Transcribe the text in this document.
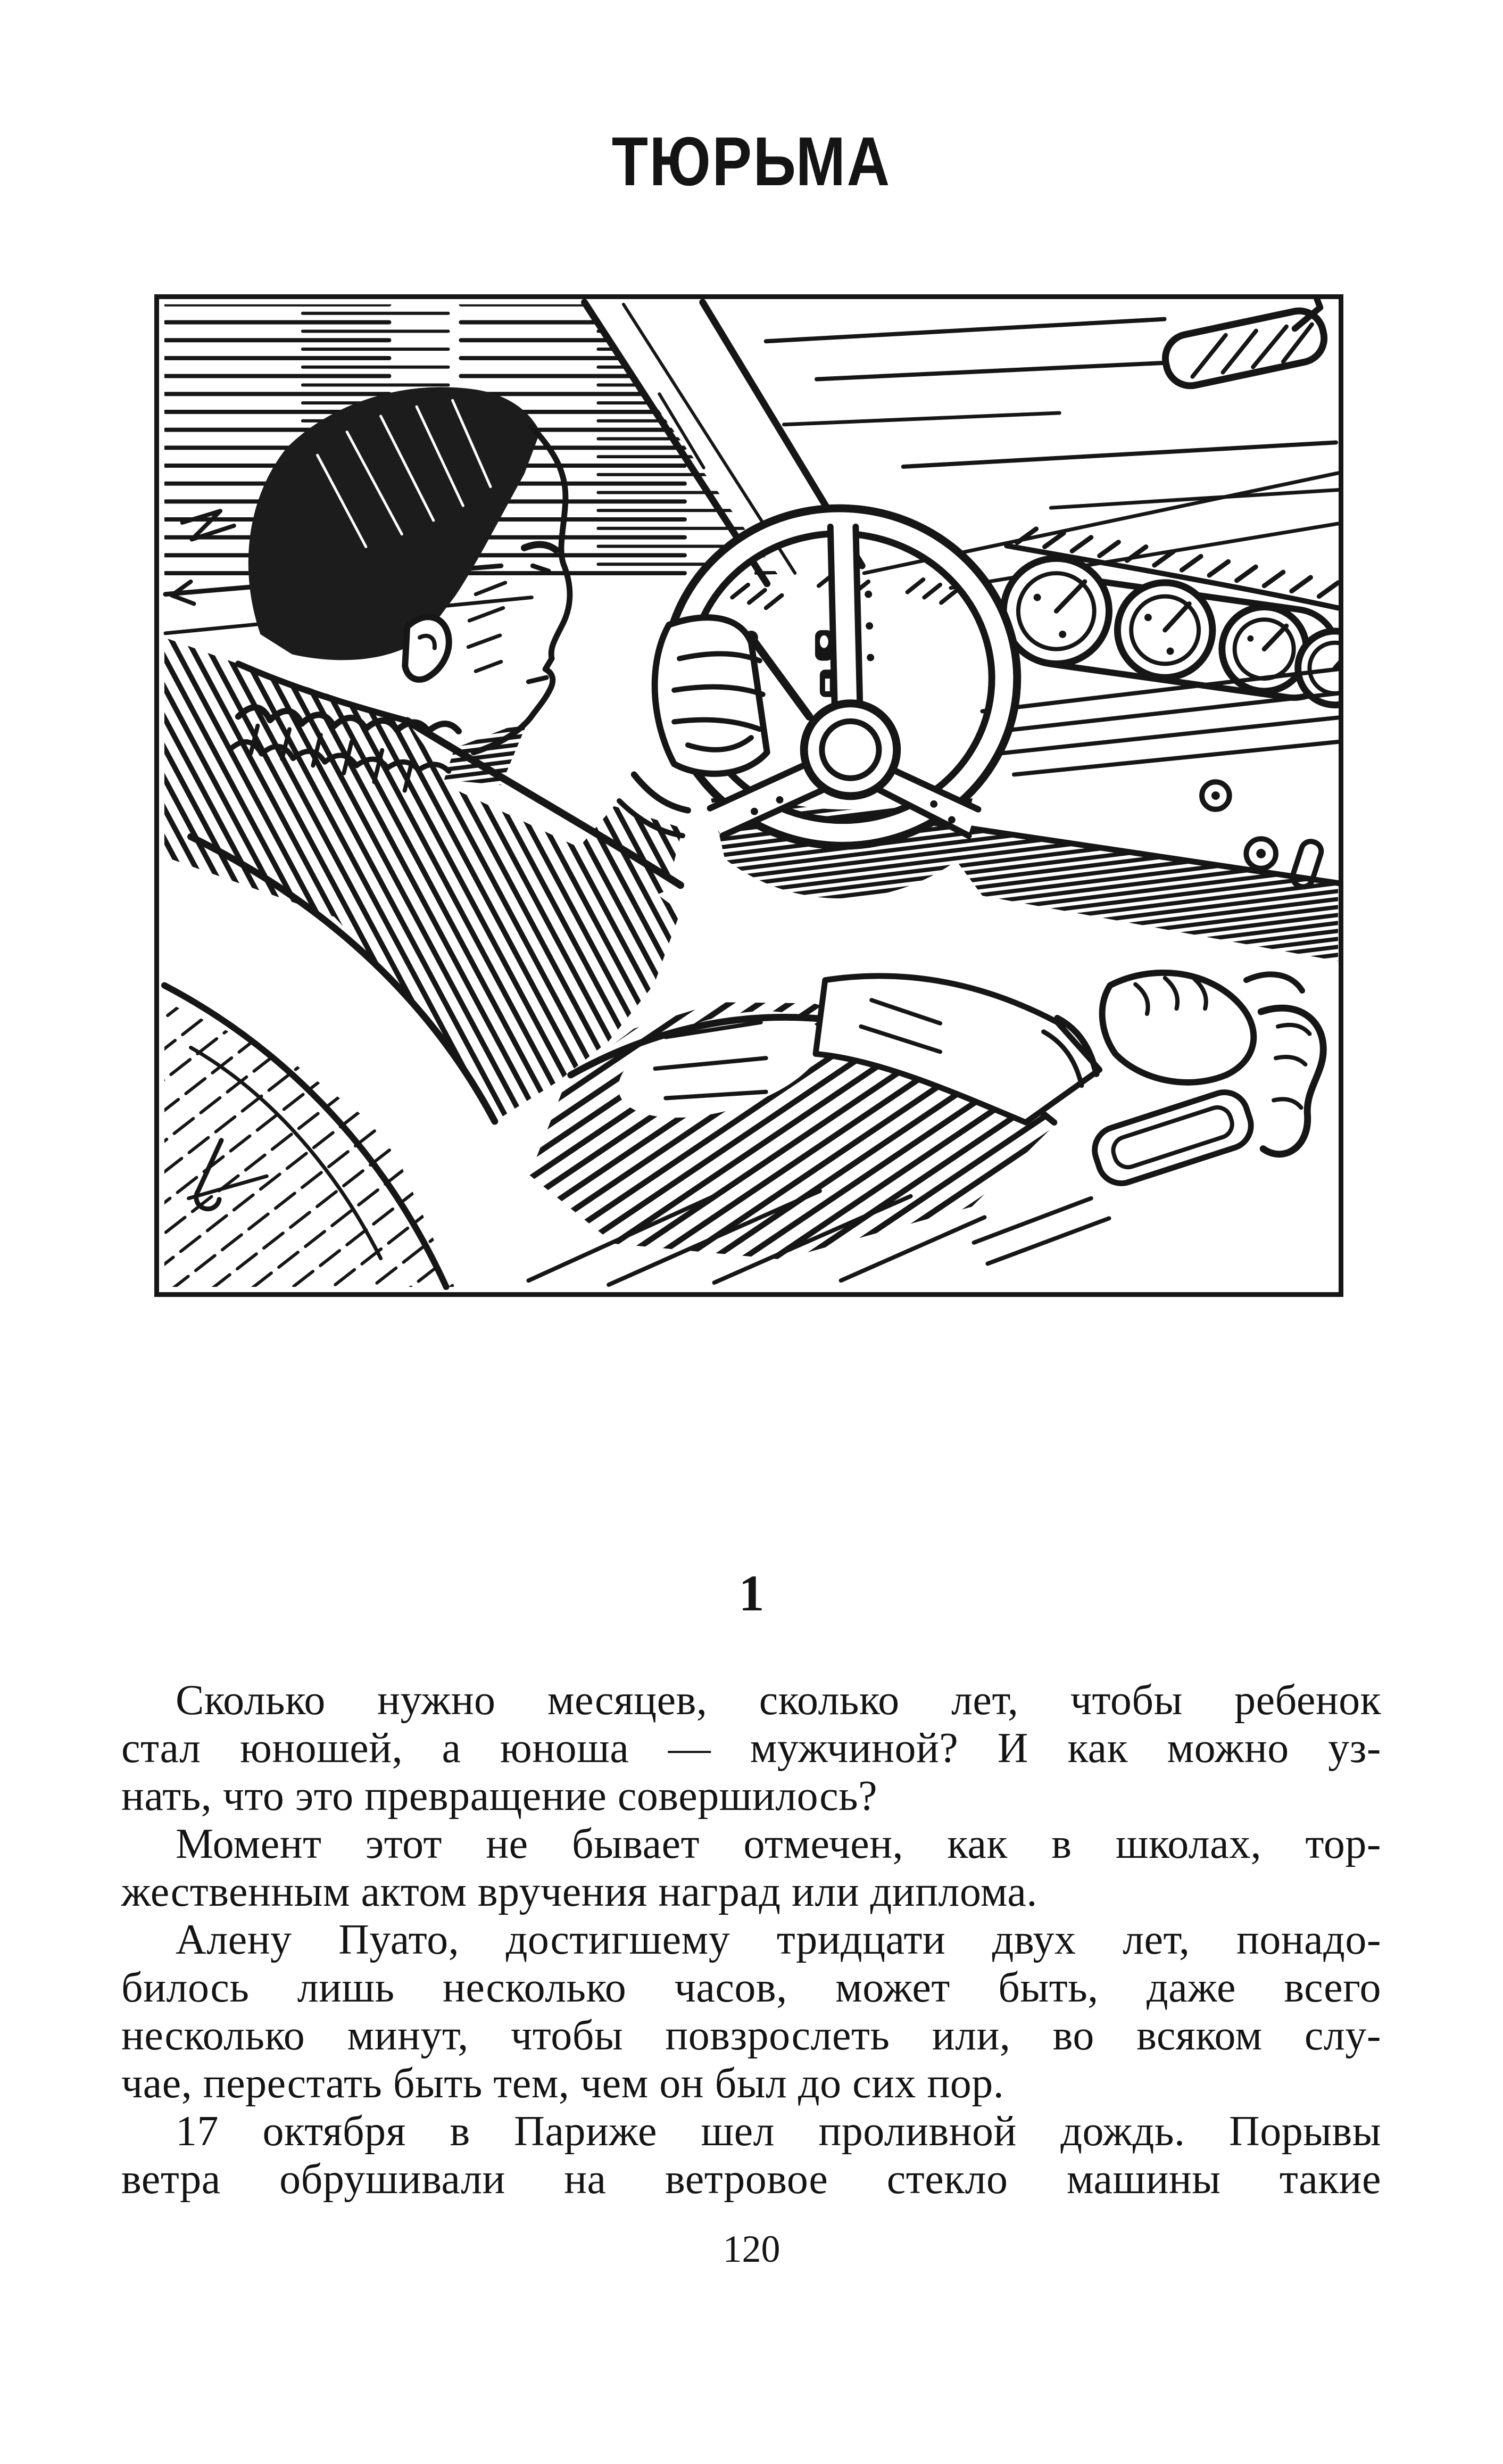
ТЮРЬМА
1
Сколько нужно месяцев, сколько лет, чтобы ребенок
стал юношей, а юноша — мужчиной? И как можно уз-
нать, что это превращение совершилось?
Момент этот не бывает отмечен, как в школах, тор-
жественным актом вручения наград или диплома.
Алену Пуато, достигшему тридцати двух лет, понадо-
билось лишь несколько часов, может быть, даже всего
несколько минут, чтобы повзрослеть или, во всяком слу-
чае, перестать быть тем, чем он был до сих пор.
17 октября в Париже шел проливной дождь. Порывы
ветра обрушивали на ветровое стекло машины такие
120
